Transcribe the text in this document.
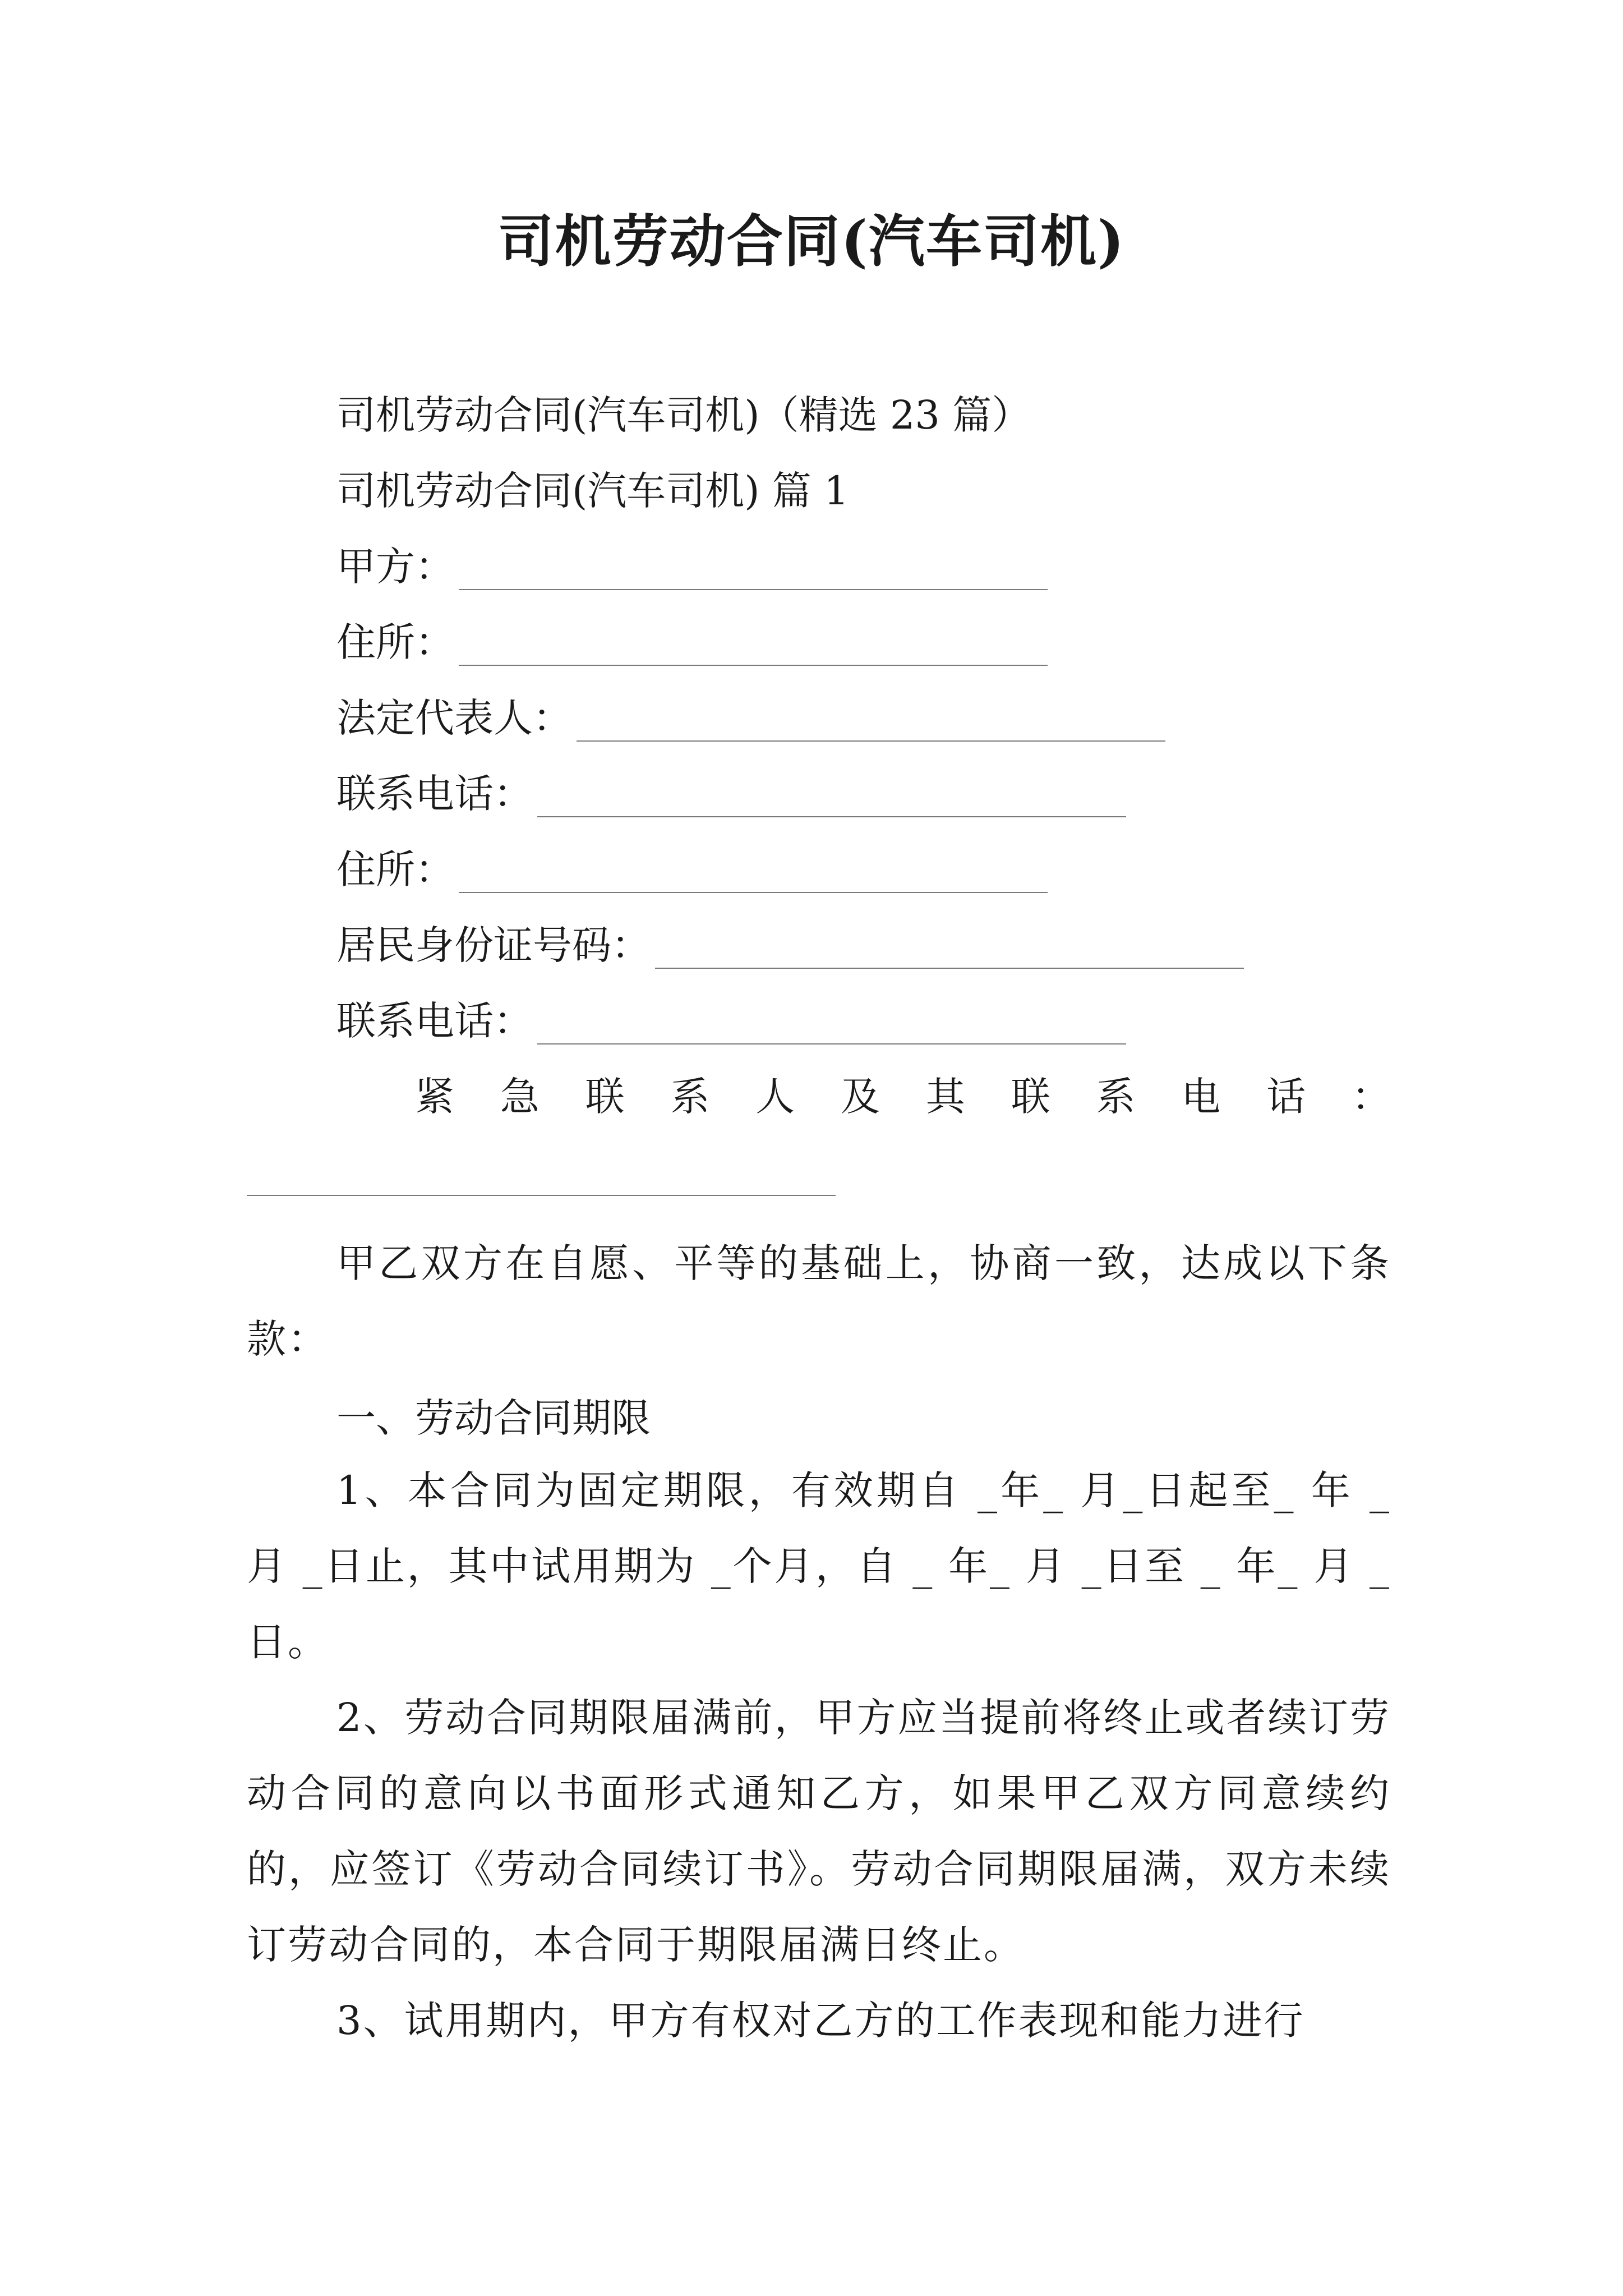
司机劳动合同(汽车司机)
司机劳动合同(汽车司机)（精选 23 篇）
司机劳动合同(汽车司机) 篇 1
甲方：
住所：
法定代表人：
联系电话：
住所：
居民身份证号码：
联系电话：
紧 急 联 系 人 及 其 联 系 电 话 ：
甲乙双方在自愿、平等的基础上，协商一致，达成以下条款：
一、劳动合同期限
1、本合同为固定期限，有效期自 _年_ 月_日起至_ 年 _ 月 _日止，其中试用期为 _个月，自 _ 年_ 月 _日至 _ 年_ 月 _日。
2、劳动合同期限届满前，甲方应当提前将终止或者续订劳动合同的意向以书面形式通知乙方，如果甲乙双方同意续约的，应签订《劳动合同续订书》。劳动合同期限届满，双方未续订劳动合同的，本合同于期限届满日终止。
3、试用期内，甲方有权对乙方的工作表现和能力进行
